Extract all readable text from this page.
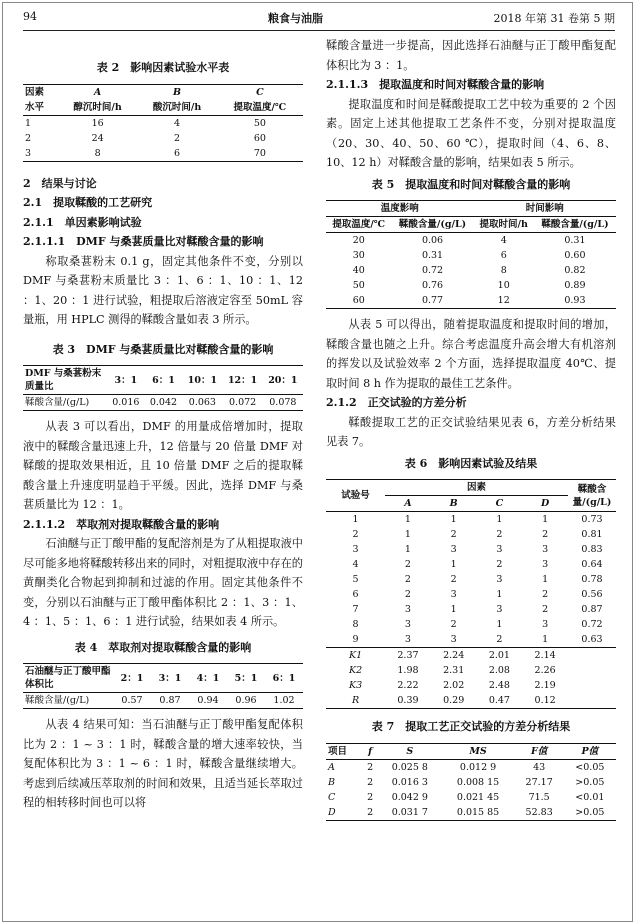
94	粮食与油脂	2018 年第 31 卷第 5 期
表 2　影响因素试验水平表
因素	A	B	C
水平	醇沉时间/h	酸沉时间/h	提取温度/℃
1	16	4	50
2	24	2	60
3	8	6	70
2　结果与讨论
2.1　提取鞣酸的工艺研究
2.1.1　单因素影响试验
2.1.1.1　DMF 与桑葚质量比对鞣酸含量的影响

称取桑葚粉末 0.1 g，固定其他条件不变，分别以 DMF 与桑葚粉末质量比 3 ：1、6 ：1、10 ：1、12 ：1、20 ：1 进行试验，粗提取后溶液定容至 50mL 容量瓶，用 HPLC 测得的鞣酸含量如表 3 所示。

表 3　DMF 与桑葚质量比对鞣酸含量的影响
DMF 与桑葚粉末质量比	3：1	6：1	10：1	12：1	20：1
鞣酸含量/(g/L)	0.016	0.042	0.063	0.072	0.078

从表 3 可以看出，DMF 的用量成倍增加时，提取液中的鞣酸含量迅速上升，12 倍量与 20 倍量 DMF 对鞣酸的提取效果相近，且 10 倍量 DMF 之后的提取鞣酸含量上升速度明显趋于平缓。因此，选择 DMF 与桑葚质量比为 12 ：1。

2.1.1.2　萃取剂对提取鞣酸含量的影响

石油醚与正丁酸甲酯的复配溶剂是为了从粗提取液中尽可能多地将鞣酸转移出来的同时，对粗提取液中存在的黄酮类化合物起到抑制和过滤的作用。固定其他条件不变，分别以石油醚与正丁酸甲酯体积比 2 ：1、3 ：1、4 ：1、5 ：1、6 ：1 进行试验，结果如表 4 所示。

表 4　萃取剂对提取鞣酸含量的影响
石油醚与正丁酸甲酯体积比	2：1	3：1	4：1	5：1	6：1
鞣酸含量/(g/L)	0.57	0.87	0.94	0.96	1.02

从表 4 结果可知：当石油醚与正丁酸甲酯复配体积比为 2 ：1 ~ 3 ：1 时，鞣酸含量的增大速率较快，当复配体积比为 3 ：1 ~ 6 ：1 时，鞣酸含量继续增大。考虑到后续减压萃取剂的时间和效果，且适当延长萃取过程的相转移时间也可以将

鞣酸含量进一步提高，因此选择石油醚与正丁酸甲酯复配体积比为 3 ：1。

2.1.1.3　提取温度和时间对鞣酸含量的影响

提取温度和时间是鞣酸提取工艺中较为重要的 2 个因素。固定上述其他提取工艺条件不变，分别对提取温度（20、30、40、50、60 ℃），提取时间（4、6、8、10、12 h）对鞣酸含量的影响，结果如表 5 所示。

表 5　提取温度和时间对鞣酸含量的影响
温度影响		时间影响	
提取温度/℃	鞣酸含量/(g/L)	提取时间/h	鞣酸含量/(g/L)
20	0.06	4	0.31
30	0.31	6	0.60
40	0.72	8	0.82
50	0.76	10	0.89
60	0.77	12	0.93

从表 5 可以得出，随着提取温度和提取时间的增加，鞣酸含量也随之上升。综合考虑温度升高会增大有机溶剂的挥发以及试验效率 2 个方面，选择提取温度 40℃、提取时间 8 h 作为提取的最佳工艺条件。

2.1.2　正交试验的方差分析

鞣酸提取工艺的正交试验结果见表 6，方差分析结果见表 7。

表 6　影响因素试验及结果
试验号	因素				鞣酸含量/(g/L)
	A	B	C	D	
1	1	1	1	1	0.73
2	1	2	2	2	0.81
3	1	3	3	3	0.83
4	2	1	2	3	0.64
5	2	2	3	1	0.78
6	2	3	1	2	0.56
7	3	1	3	2	0.87
8	3	2	1	3	0.72
9	3	3	2	1	0.63
K1	2.37	2.24	2.01	2.14	
K2	1.98	2.31	2.08	2.26	
K3	2.22	2.02	2.48	2.19	
R	0.39	0.29	0.47	0.12	
表 7　提取工艺正交试验的方差分析结果
项目	f	S	MS	F值	P值
A	2	0.025 8	0.012 9	43	<0.05
B	2	0.016 3	0.008 15	27.17	>0.05
C	2	0.042 9	0.021 45	71.5	<0.01
D	2	0.031 7	0.015 85	52.83	>0.05
